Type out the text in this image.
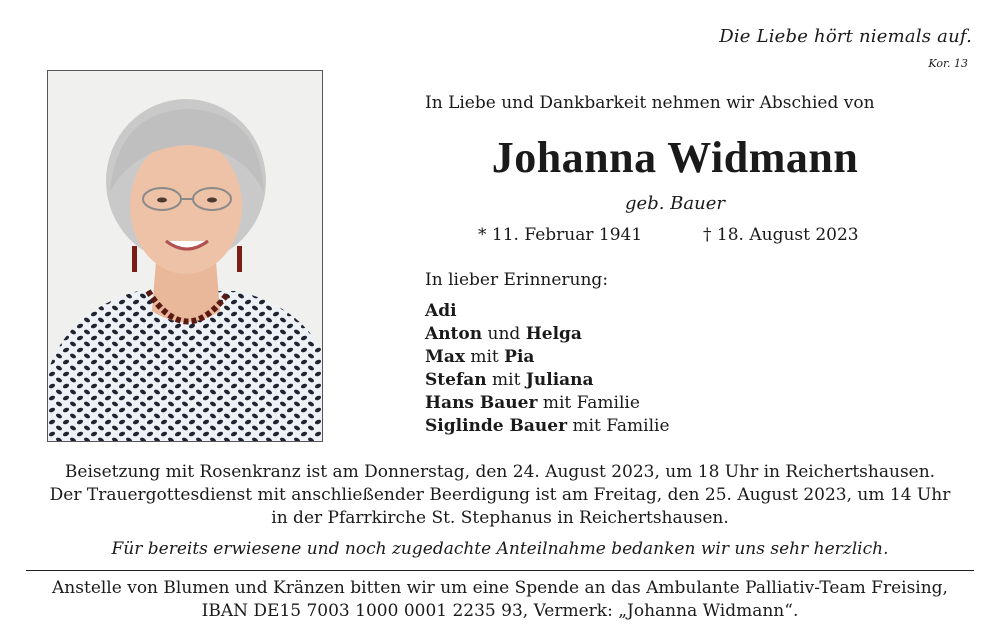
Die Liebe hört niemals auf.
Kor. 13
In Liebe und Dankbarkeit nehmen wir Abschied von
Johanna Widmann
geb. Bauer
* 11. Februar 1941	† 18. August 2023
In lieber Erinnerung:
Adi
Anton und Helga
Max mit Pia
Stefan mit Juliana
Hans Bauer mit Familie
Siglinde Bauer mit Familie
Beisetzung mit Rosenkranz ist am Donnerstag, den 24. August 2023, um 18 Uhr in Reichertshausen.
Der Trauergottesdienst mit anschließender Beerdigung ist am Freitag, den 25. August 2023, um 14 Uhr
in der Pfarrkirche St. Stephanus in Reichertshausen.
Für bereits erwiesene und noch zugedachte Anteilnahme bedanken wir uns sehr herzlich.
Anstelle von Blumen und Kränzen bitten wir um eine Spende an das Ambulante Palliativ-Team Freising,
IBAN DE15 7003 1000 0001 2235 93, Vermerk: „Johanna Widmann“.
